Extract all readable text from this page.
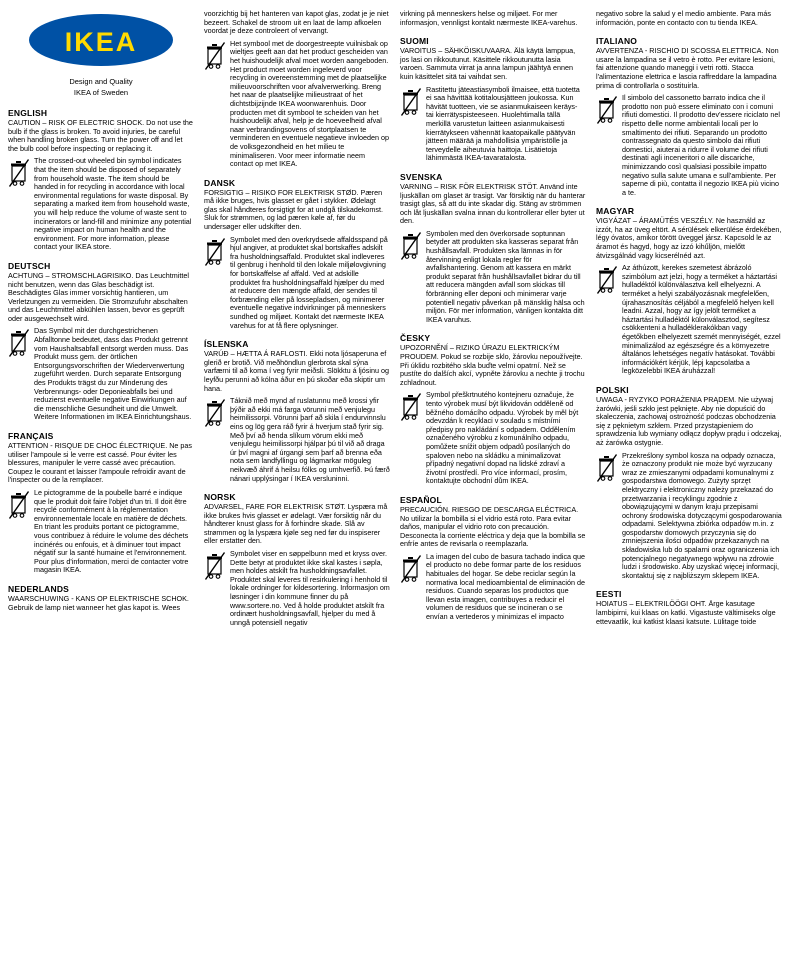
IKEA
Design and Quality
IKEA of Sweden
ENGLISH

CAUTION – RISK OF ELECTRIC SHOCK. Do not use the bulb if the glass is broken. To avoid injuries, be careful when handling broken glass. Turn the power off and let the bulb cool before inspecting or replacing it.

The crossed-out wheeled bin symbol indicates that the item should be disposed of separately from household waste. The item should be handed in for recycling in accordance with local environmental regulations for waste disposal. By separating a marked item from household waste, you will help reduce the volume of waste sent to incinerators or land-fill and minimize any potential negative impact on human health and the environment. For more information, please contact your IKEA store.
DEUTSCH

ACHTUNG – STROMSCHLAGRISIKO. Das Leuchtmittel nicht benutzen, wenn das Glas beschädigt ist. Beschädigtes Glas immer vorsichtig hantieren, um Verletzungen zu vermeiden. Die Stromzufuhr abschalten und das Leuchtmittel abkühlen lassen, bevor es geprüft oder ausgewechselt wird.

Das Symbol mit der durchgestrichenen Abfalltonne bedeutet, dass das Produkt getrennt vom Haushaltsabfall entsorgt werden muss. Das Produkt muss gem. der örtlichen Entsorgungsvorschriften der Wiederverwertung zugeführt werden. Durch separate Entsorgung des Produkts trägst du zur Minderung des Verbrennungs- oder Deponieabfalls bei und reduzierst eventuelle negative Einwirkungen auf die menschliche Gesundheit und die Umwelt. Weitere Informationen im IKEA Einrichtungshaus.
FRANÇAIS

ATTENTION - RISQUE DE CHOC ÉLECTRIQUE. Ne pas utiliser l'ampoule si le verre est cassé. Pour éviter les blessures, manipuler le verre cassé avec précaution. Coupez le courant et laisser l'ampoule refroidir avant de l'inspecter ou de la remplacer.

Le pictogramme de la poubelle barré e indique que le produit doit faire l'objet d'un tri. Il doit être recyclé conformément à la réglementation environnementale locale en matière de déchets. En triant les produits portant ce pictogramme, vous contribuez à réduire le volume des déchets incinérés ou enfouis, et à diminuer tout impact négatif sur la santé humaine et l'environnement. Pour plus d'information, merci de contacter votre magasin IKEA.
NEDERLANDS

WAARSCHUWING - KANS OP ELEKTRISCHE SCHOK. Gebruik de lamp niet wanneer het glas kapot is. Wees

voorzichtig bij het hanteren van kapot glas, zodat je je niet bezeert. Schakel de stroom uit en laat de lamp afkoelen voordat je deze controleert of vervangt.

Het symbool met de doorgestreepte vuilnisbak op wieltjes geeft aan dat het product gescheiden van het huishoudelijk afval moet worden aangeboden. Het product moet worden ingeleverd voor recycling in overeenstemming met de plaatselijke milieuvoorschriften voor afvalverwerking. Breng het naar de plaatselijke milieustraat of het dichtstbijzijnde IKEA woonwarenhuis. Door producten met dit symbool te scheiden van het huishoudelijk afval, help je de hoeveelheid afval naar verbrandingsovens of stortplaatsen te verminderen en eventuele negatieve invloeden op de volksgezondheid en het milieu te minimaliseren. Voor meer informatie neem contact op met IKEA.
DANSK

FORSIGTIG – RISIKO FOR ELEKTRISK STØD. Pæren må ikke bruges, hvis glasset er gået i stykker. Ødelagt glas skal håndteres forsigtigt for at undgå tilskadekomst. Sluk for strømmen, og lad pæren køle af, før du undersøger eller udskifter den.

Symbolet med den overkrydsede affaldsspand på hjul angiver, at produktet skal bortskaffes adskilt fra husholdningsaffald. Produktet skal indleveres til genbrug i henhold til den lokale miljølovgivning for bortskaffelse af affald. Ved at adskille produktet fra husholdningsaffald hjælper du med at reducere den mængde affald, der sendes til forbrænding eller på lossepladsen, og minimerer eventuelle negative indvirkninger på menneskers sundhed og miljøet. Kontakt det nærmeste IKEA varehus for at få flere oplysninger.
ÍSLENSKA

VARÚÐ – HÆTTA Á RAFLOSTI. Ekki nota ljósaperuna ef glerið er brotið. Við meðhöndlun glerbrota skal sýna varfærni til að koma í veg fyrir meiðsli. Slökktu á ljósinu og leyfðu perunni að kólna áður en þú skoðar eða skiptir um hana.

Táknið með mynd af ruslatunnu með krossi yfir þýðir að ekki má farga vörunni með venjulegu heimilissorpi. Vörunni þarf að skila í endurvinnslu eins og lög gera ráð fyrir á hverjum stað fyrir sig. Með því að henda slíkum vörum ekki með venjulegu heimilissorpi hjálpar þú til við að draga úr því magni af úrgangi sem þarf að brenna eða nota sem landfyllingu og lágmarkar möguleg neikvæð áhrif á heilsu fólks og umhverfið. Þú færð nánari upplýsingar í IKEA versluninni.
NORSK

ADVARSEL, FARE FOR ELEKTRISK STØT. Lyspæra må ikke brukes hvis glasset er ødelagt. Vær forsiktig når du håndterer knust glass for å forhindre skade. Slå av strømmen og la lyspæra kjøle seg ned før du inspiserer eller erstatter den.

Symbolet viser en søppelbunn med et kryss over. Dette betyr at produktet ikke skal kastes i søpla, men holdes atskilt fra husholdningsavfallet. Produktet skal leveres til resirkulering i henhold til lokale ordninger for kildesortering. Informasjon om løsninger i din kommune finner du på www.sortere.no. Ved å holde produktet atskilt fra ordinært husholdningsavfall, hjelper du med å unngå potensiell negativ

virkning på menneskers helse og miljøet. For mer informasjon, vennligst kontakt nærmeste IKEA-varehus.

SUOMI

VAROITUS – SÄHKÖISKUVAARA. Älä käytä lamppua, jos lasi on rikkoutunut. Käsittele rikkoutunutta lasia varoen. Sammuta virrat ja anna lampun jäähtyä ennen kuin käsittelet sitä tai vaihdat sen.

Rastitettu jäteastiasymboli ilmaisee, että tuotetta ei saa hävittää kotitalousjätteen joukossa. Kun hävität tuotteen, vie se asianmukaiseen keräys- tai kierrätyspisteeseen. Huolehtimalla tällä merkillä varustetun laitteen asianmukaisesti kierrätykseen vähennät kaatopaikalle päätyvän jätteen määrää ja mahdollisia ympäristölle ja terveydelle aiheutuvia haittoja. Lisätietoja lähimmästä IKEA-tavaratalosta.
SVENSKA

VARNING – RISK FÖR ELEKTRISK STÖT. Använd inte ljuskällan om glaset är trasigt. Var försiktig när du hanterar trasigt glas, så att du inte skadar dig. Stäng av strömmen och låt ljuskällan svalna innan du kontrollerar eller byter ut den.

Symbolen med den överkorsade soptunnan betyder att produkten ska kasseras separat från hushållsavfall. Produkten ska lämnas in för återvinning enligt lokala regler för avfallshantering. Genom att kassera en märkt produkt separat från hushållsavfallet bidrar du till att reducera mängden avfall som skickas till förbränning eller deponi och minimerar varje potentiell negativ påverkan på mänsklig hälsa och miljön. För mer information, vänligen kontakta ditt IKEA varuhus.
ČESKY

UPOZORNĚNÍ – RIZIKO ÚRAZU ELEKTRICKÝM PROUDEM. Pokud se rozbije sklo, žárovku nepoužívejte. Při úklidu rozbitého skla buďte velmi opatrní. Než se pustíte do dalších akcí, vypněte žárovku a nechte ji trochu zchladnout.

Symbol přeškrtnutého kontejneru označuje, že tento výrobek musí být likvidován odděleně od běžného domácího odpadu. Výrobek by měl být odevzdán k recyklaci v souladu s místními předpisy pro nakládání s odpadem. Oddělením označeného výrobku z komunálního odpadu, pomůžete snížit objem odpadů posílaných do spaloven nebo na skládku a minimalizovat případný negativní dopad na lidské zdraví a životní prostředí. Pro více informací, prosím, kontaktujte obchodní dům IKEA.
ESPAÑOL

PRECAUCIÓN. RIESGO DE DESCARGA ELÉCTRICA. No utilizar la bombilla si el vidrio está roto. Para evitar daños, manipular el vidrio roto con precaución. Desconecta la corriente eléctrica y deja que la bombilla se enfríe antes de revisarla o reemplazarla.

La imagen del cubo de basura tachado indica que el producto no debe formar parte de los residuos habituales del hogar. Se debe reciclar según la normativa local medioambiental de eliminación de residuos. Cuando separas los productos que llevan esta imagen, contribuyes a reducir el volumen de residuos que se incineran o se envían a vertederos y minimizas el impacto

negativo sobre la salud y el medio ambiente. Para más información, ponte en contacto con tu tienda IKEA.

ITALIANO

AVVERTENZA - RISCHIO DI SCOSSA ELETTRICA. Non usare la lampadina se il vetro è rotto. Per evitare lesioni, fai attenzione quando maneggi i vetri rotti. Stacca l'alimentazione elettrica e lascia raffreddare la lampadina prima di controllarla o sostituirla.

Il simbolo del cassonetto barrato indica che il prodotto non può essere eliminato con i comuni rifiuti domestici. Il prodotto dev'essere riciclato nel rispetto delle norme ambientali locali per lo smaltimento dei rifiuti. Separando un prodotto contrassegnato da questo simbolo dai rifiuti domestici, aiuterai a ridurre il volume dei rifiuti destinati agli inceneritori o alle discariche, minimizzando così qualsiasi possibile impatto negativo sulla salute umana e sull'ambiente. Per saperne di più, contatta il negozio IKEA più vicino a te.
MAGYAR

VIGYÁZAT – ÁRAMÜTÉS VESZÉLY. Ne használd az izzót, ha az üveg eltört. A sérülések elkerülése érdekében, légy óvatos, amikor törött üveggel jársz. Kapcsold le az áramot és hagyd, hogy az izzó kihűljön, mielőtt átvizsgálnád vagy kicserélnéd azt.

Az áthúzott, kerekes szemetest ábrázoló szimbólum azt jelzi, hogy a terméket a háztartási hulladéktól különválasztva kell elhelyezni. A terméket a helyi szabályozásnak megfelelően, újrahasznosítás céljából a megfelelő helyen kell leadni. Azzal, hogy az így jelölt terméket a háztartási hulladéktól külonválasztod, segítesz csökkenteni a hulladéklerakókban vagy égetőkben elhelyezett szemét mennyiségét, ezzel minimalizálod az egészségre és a környezetre általános lehetséges negatív hatásokat. További információkért kérjük, lépj kapcsolatba a legközelebbi IKEA áruházzal!
POLSKI

UWAGA - RYZYKO PORAŻENIA PRĄDEM. Nie używaj żarówki, jeśli szkło jest pęknięte. Aby nie dopuścić do skaleczenia, zachowaj ostrożność podczas obchodzenia się z pęknietym szkłem. Przed przystąpieniem do sprawdzenia lub wymiany odłącz dopływ prądu i odczekaj, aż żarówka ostygnie.

Przekreślony symbol kosza na odpady oznacza, że oznaczony produkt nie może być wyrzucany wraz ze zmieszanymi odpadami komunalnymi z gospodarstwa domowego. Zużyty sprzęt elektryczny i elektroniczny należy przekazać do przetwarzania i recyklingu zgodnie z obowiązującymi w danym kraju przepisami ochrony środowiska dotyczącymi gospodarowania odpadami. Selektywna zbiórka odpadów m.in. z gospodarstw domowych przyczynia się do zmniejszenia ilości odpadów przekazanych na składowiska lub do spalarni oraz ograniczenia ich potencjalnego negatywnego wpływu na zdrowie ludzi i środowisko. Aby uzyskać więcej informacji, skontaktuj się z najbliższym sklepem IKEA.
EESTI

HOIATUS – ELEKTRILÖÖGI OHT. Ärge kasutage lambipirni, kui klaas on katki. Vigastuste vältimiseks olge ettevaatlik, kui katkist klaasi katsute. Lülitage toide
